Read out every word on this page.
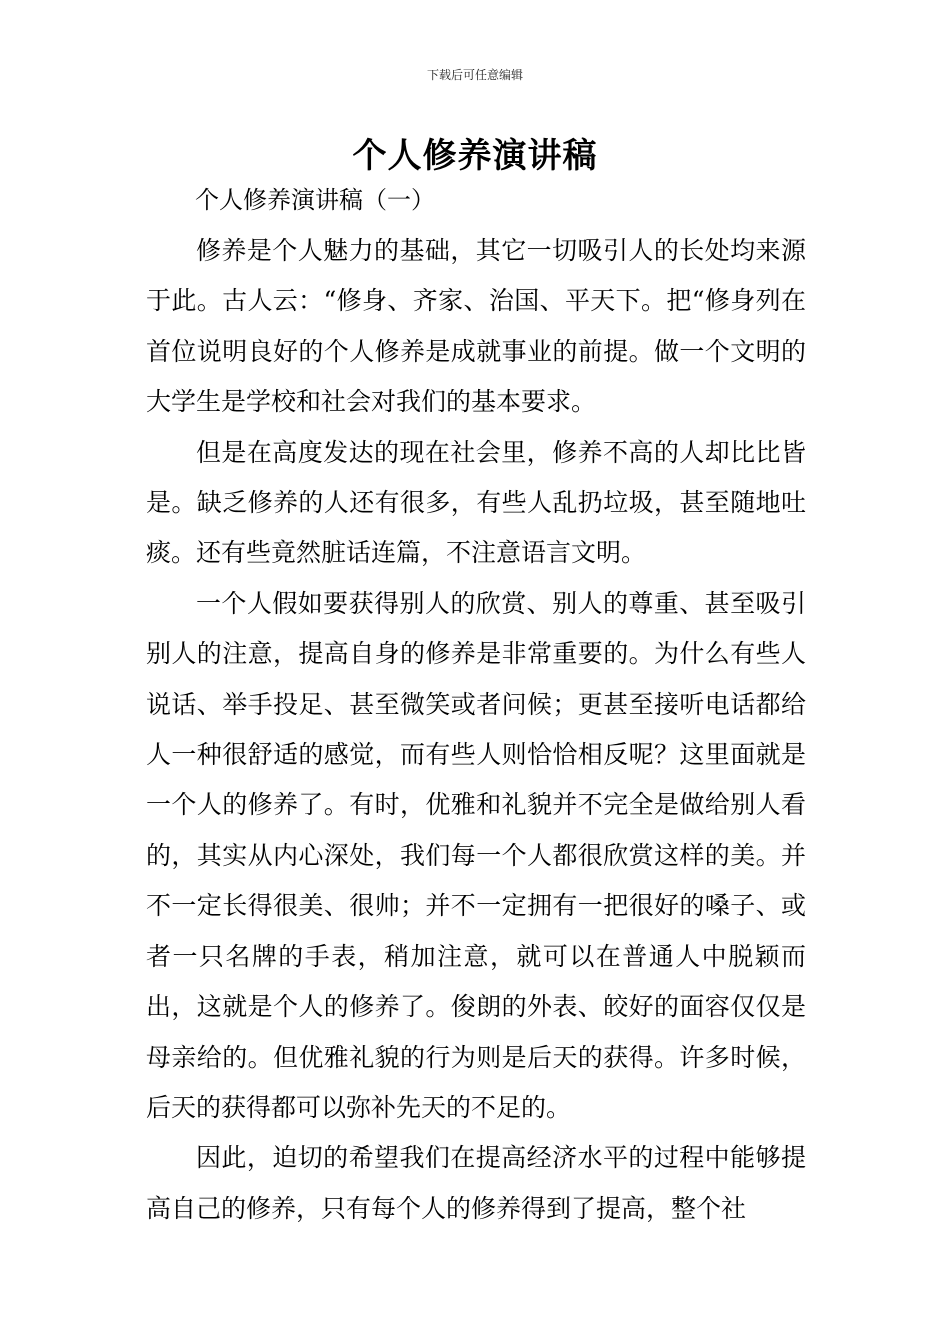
下载后可任意编辑
个人修养演讲稿
个人修养演讲稿（一）

修养是个人魅力的基础，其它一切吸引人的长处均来源于此。古人云：“修身、齐家、治国、平天下。把“修身列在首位说明良好的个人修养是成就事业的前提。做一个文明的大学生是学校和社会对我们的基本要求。

但是在高度发达的现在社会里，修养不高的人却比比皆是。缺乏修养的人还有很多，有些人乱扔垃圾，甚至随地吐痰。还有些竟然脏话连篇，不注意语言文明。

一个人假如要获得别人的欣赏、别人的尊重、甚至吸引别人的注意，提高自身的修养是非常重要的。为什么有些人说话、举手投足、甚至微笑或者问候；更甚至接听电话都给人一种很舒适的感觉，而有些人则恰恰相反呢？这里面就是一个人的修养了。有时，优雅和礼貌并不完全是做给别人看的，其实从内心深处，我们每一个人都很欣赏这样的美。并不一定长得很美、很帅；并不一定拥有一把很好的嗓子、或者一只名牌的手表，稍加注意，就可以在普通人中脱颖而出，这就是个人的修养了。俊朗的外表、皎好的面容仅仅是母亲给的。但优雅礼貌的行为则是后天的获得。许多时候，后天的获得都可以弥补先天的不足的。

因此，迫切的希望我们在提高经济水平的过程中能够提高自己的修养，只有每个人的修养得到了提高，整个社
